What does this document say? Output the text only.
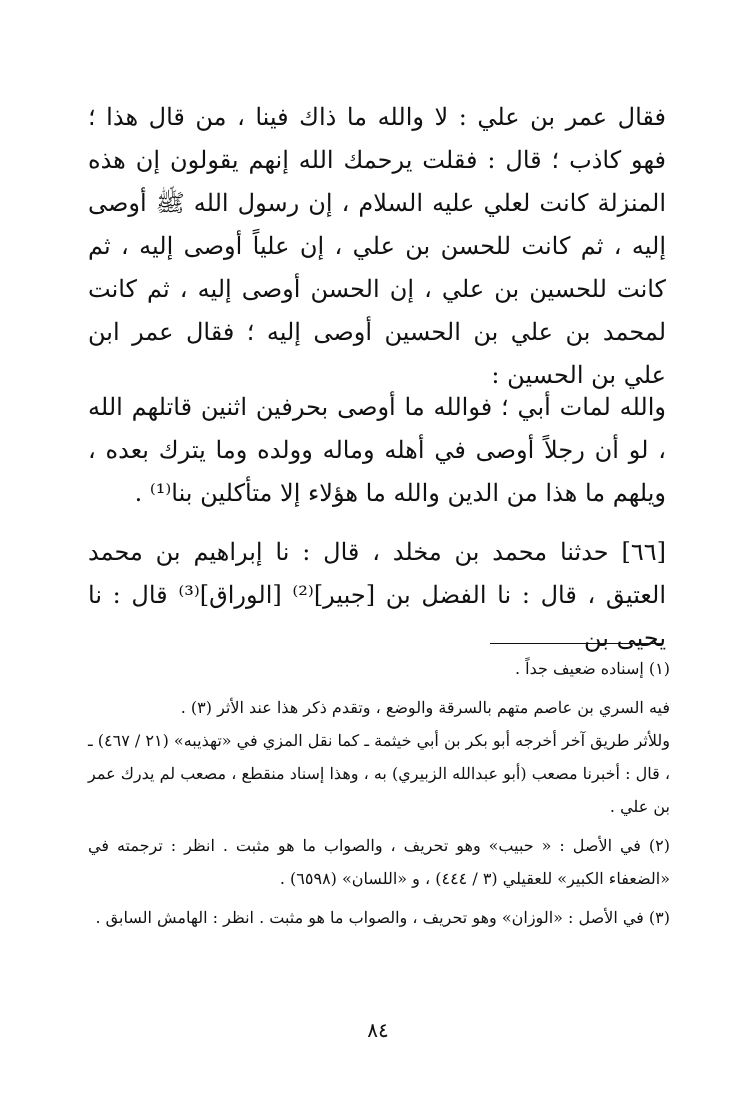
فقال عمر بن علي : لا والله ما ذاك فينا ، من قال هذا ؛ فهو كاذب ؛ قال : فقلت يرحمك الله إنهم يقولون إن هذه المنزلة كانت لعلي عليه السلام ، إن رسول الله ﷺ أوصى إليه ، ثم كانت للحسن بن علي ، إن علياً أوصى إليه ، ثم كانت للحسين بن علي ، إن الحسن أوصى إليه ، ثم كانت لمحمد بن علي بن الحسين أوصى إليه ؛ فقال عمر ابن علي بن الحسين :

والله لمات أبي ؛ فوالله ما أوصى بحرفين اثنين قاتلهم الله ، لو أن رجلاً أوصى في أهله وماله وولده وما يترك بعده ، ويلهم ما هذا من الدين والله ما هؤلاء إلا متأكلين بنا⁽¹⁾ .

[٦٦] حدثنا محمد بن مخلد ، قال : نا إبراهيم بن محمد العتيق ، قال : نا الفضل بن [جبير]⁽²⁾ [الوراق]⁽³⁾ قال : نا يحيى بن

(١) إسناده ضعيف جداً .

فيه السري بن عاصم متهم بالسرقة والوضع ، وتقدم ذكر هذا عند الأثر (٣) .

وللأثر طريق آخر أخرجه أبو بكر بن أبي خيثمة ـ كما نقل المزي في «تهذيبه» (٢١ / ٤٦٧) ـ ، قال : أخبرنا مصعب (أبو عبدالله الزبيري) به ، وهذا إسناد منقطع ، مصعب لم يدرك عمر بن علي .

(٢) في الأصل : « حبيب» وهو تحريف ، والصواب ما هو مثبت . انظر : ترجمته في «الضعفاء الكبير» للعقيلي (٣ / ٤٤٤) ، و «اللسان» (٦٥٩٨) .

(٣) في الأصل : «الوزان» وهو تحريف ، والصواب ما هو مثبت . انظر : الهامش السابق .

٨٤
